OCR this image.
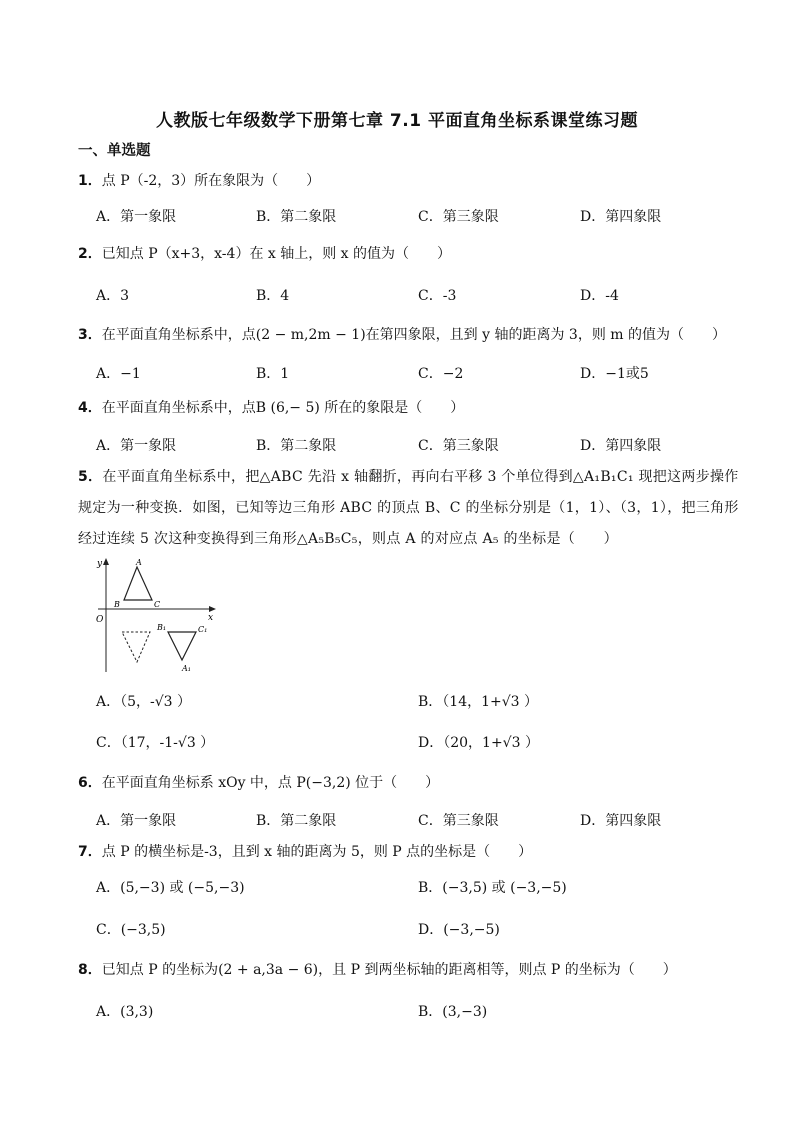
人教版七年级数学下册第七章 7.1 平面直角坐标系课堂练习题
一、单选题
1．点 P（-2，3）所在象限为（　　）
A．第一象限	B．第二象限	C．第三象限	D．第四象限
2．已知点 P（x+3，x-4）在 x 轴上，则 x 的值为（　　）
A．3	B．4	C．-3	D．-4
3．在平面直角坐标系中，点(2 − m,2m − 1)在第四象限，且到 y 轴的距离为 3，则 m 的值为（　　）
A．−1	B．1	C．−2	D．−1或5
4．在平面直角坐标系中，点B (6,− 5) 所在的象限是（　　）
A．第一象限	B．第二象限	C．第三象限	D．第四象限
5．在平面直角坐标系中，把△ABC 先沿 x 轴翻折，再向右平移 3 个单位得到△A₁B₁C₁ 现把这两步操作规定为一种变换．如图，已知等边三角形 ABC 的顶点 B、C 的坐标分别是（1，1）、（3，1），把三角形经过连续 5 次这种变换得到三角形△A₅B₅C₅，则点 A 的对应点 A₅ 的坐标是（　　）
y
x
O
A
B	C
B₁	C₁
A₁
A．（5，-√3 ）	B．（14，1+√3 ）
C．（17，-1-√3 ）	D．（20，1+√3 ）
6．在平面直角坐标系 xOy 中，点 P(−3,2) 位于（　　）
A．第一象限	B．第二象限	C．第三象限	D．第四象限
7．点 P 的横坐标是-3，且到 x 轴的距离为 5，则 P 点的坐标是（　　）
A．(5,−3) 或 (−5,−3)	B．(−3,5) 或 (−3,−5)
C．(−3,5)	D．(−3,−5)
8．已知点 P 的坐标为(2 + a,3a − 6)，且 P 到两坐标轴的距离相等，则点 P 的坐标为（　　）
A．(3,3)	B．(3,−3)
